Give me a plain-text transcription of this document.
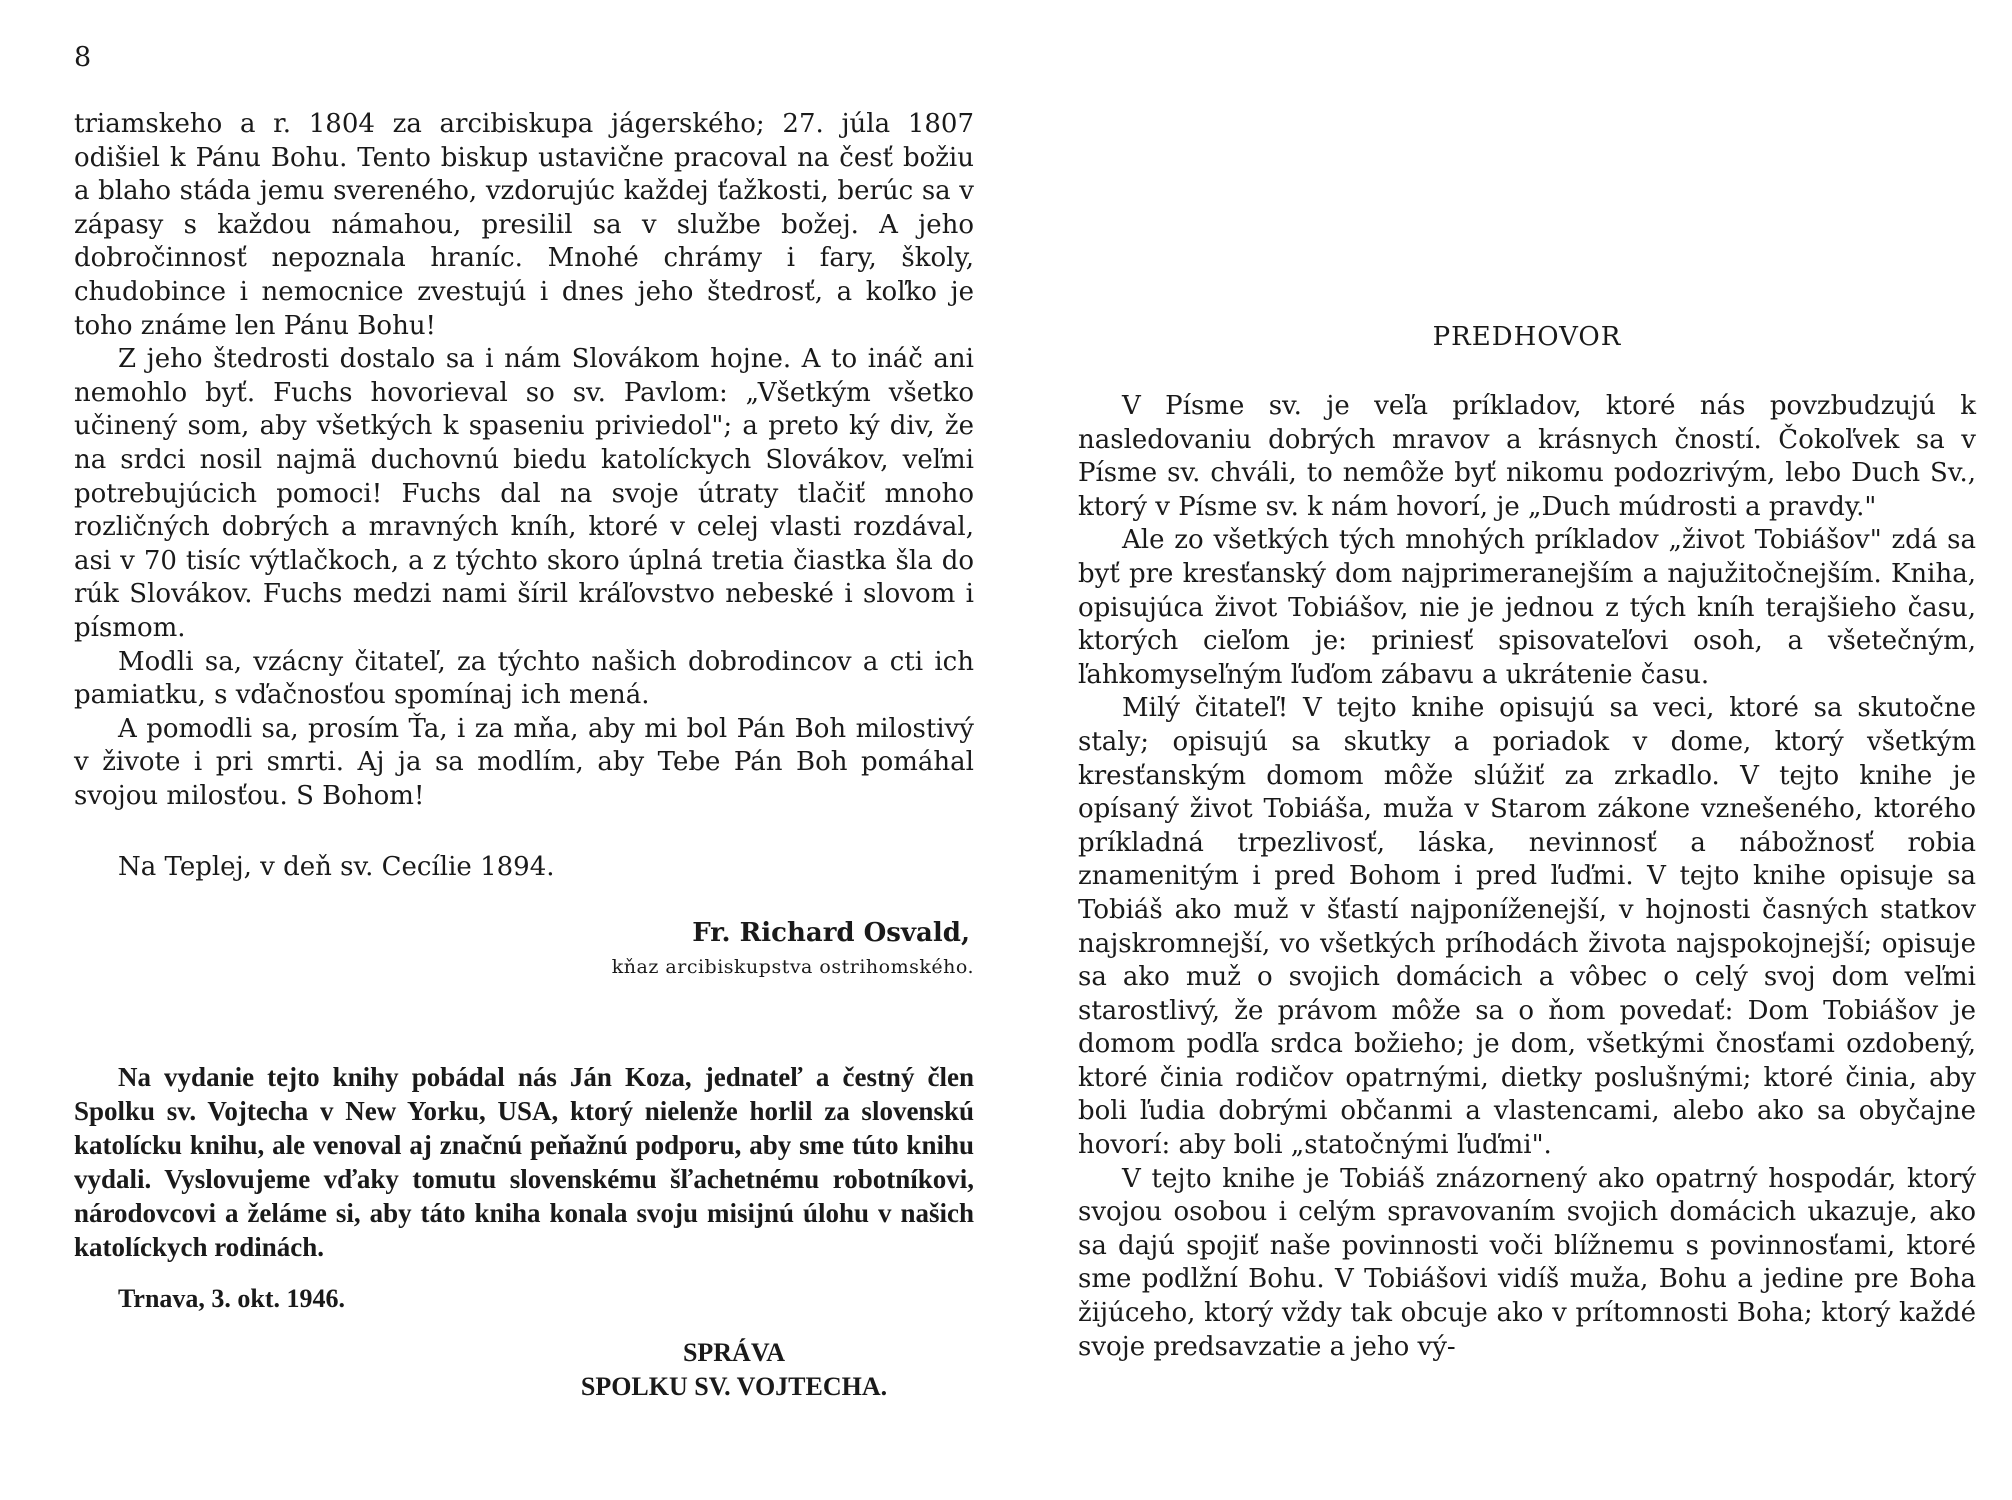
8

triamskeho a r. 1804 za arcibiskupa jágerského; 27. júla 1807 odišiel k Pánu Bohu. Tento biskup ustavične pracoval na česť božiu a blaho stáda jemu svereného, vzdorujúc každej ťažkosti, berúc sa v zápasy s každou námahou, presilil sa v službe božej. A jeho dobročinnosť nepoznala hraníc. Mnohé chrámy i fary, školy, chudobince i nemocnice zvestujú i dnes jeho štedrosť, a koľko je toho známe len Pánu Bohu!

Z jeho štedrosti dostalo sa i nám Slovákom hojne. A to ináč ani nemohlo byť. Fuchs hovorieval so sv. Pavlom: „Všetkým všetko učinený som, aby všetkých k spaseniu priviedol"; a preto ký div, že na srdci nosil najmä duchovnú biedu katolíckych Slovákov, veľmi potrebujúcich pomoci! Fuchs dal na svoje útraty tlačiť mnoho rozličných dobrých a mravných kníh, ktoré v celej vlasti rozdával, asi v 70 tisíc výtlačkoch, a z týchto skoro úplná tretia čiastka šla do rúk Slovákov. Fuchs medzi nami šíril kráľovstvo nebeské i slovom i písmom.

Modli sa, vzácny čitateľ, za týchto našich dobrodincov a cti ich pamiatku, s vďačnosťou spomínaj ich mená.

A pomodli sa, prosím Ťa, i za mňa, aby mi bol Pán Boh milostivý v živote i pri smrti. Aj ja sa modlím, aby Tebe Pán Boh pomáhal svojou milosťou. S Bohom!

Na Teplej, v deň sv. Cecílie 1894.

Fr. Richard Osvald,
kňaz arcibiskupstva ostrihomského.

Na vydanie tejto knihy pobádal nás Ján Koza, jednateľ a čestný člen Spolku sv. Vojtecha v New Yorku, USA, ktorý nielenže horlil za slovenskú katolícku knihu, ale venoval aj značnú peňažnú podporu, aby sme túto knihu vydali. Vyslovujeme vďaky tomutu slovenskému šľachetnému robotníkovi, národovcovi a želáme si, aby táto kniha konala svoju misijnú úlohu v našich katolíckych rodinách.

Trnava, 3. okt. 1946.

SPRÁVA
SPOLKU SV. VOJTECHA.
PREDHOVOR

V Písme sv. je veľa príkladov, ktoré nás povzbudzujú k nasledovaniu dobrých mravov a krásnych čností. Čokoľvek sa v Písme sv. chváli, to nemôže byť nikomu podozrivým, lebo Duch Sv., ktorý v Písme sv. k nám hovorí, je „Duch múdrosti a pravdy."

Ale zo všetkých tých mnohých príkladov „život Tobiášov" zdá sa byť pre kresťanský dom najprimeranejším a najužitočnejším. Kniha, opisujúca život Tobiášov, nie je jednou z tých kníh terajšieho času, ktorých cieľom je: priniesť spisovateľovi osoh, a všetečným, ľahkomyseľným ľuďom zábavu a ukrátenie času.

Milý čitateľ! V tejto knihe opisujú sa veci, ktoré sa skutočne staly; opisujú sa skutky a poriadok v dome, ktorý všetkým kresťanským domom môže slúžiť za zrkadlo. V tejto knihe je opísaný život Tobiáša, muža v Starom zákone vznešeného, ktorého príkladná trpezlivosť, láska, nevinnosť a nábožnosť robia znamenitým i pred Bohom i pred ľuďmi. V tejto knihe opisuje sa Tobiáš ako muž v šťastí najponíženejší, v hojnosti časných statkov najskromnejší, vo všetkých príhodách života najspokojnejší; opisuje sa ako muž o svojich domácich a vôbec o celý svoj dom veľmi starostlivý, že právom môže sa o ňom povedať: Dom Tobiášov je domom podľa srdca božieho; je dom, všetkými čnosťami ozdobený, ktoré činia rodičov opatrnými, dietky poslušnými; ktoré činia, aby boli ľudia dobrými občanmi a vlastencami, alebo ako sa obyčajne hovorí: aby boli „statočnými ľuďmi".

V tejto knihe je Tobiáš znázornený ako opatrný hospodár, ktorý svojou osobou i celým spravovaním svojich domácich ukazuje, ako sa dajú spojiť naše povinnosti voči blížnemu s povinnosťami, ktoré sme podlžní Bohu. V Tobiášovi vidíš muža, Bohu a jedine pre Boha žijúceho, ktorý vždy tak obcuje ako v prítomnosti Boha; ktorý každé svoje predsavzatie a jeho vý-
